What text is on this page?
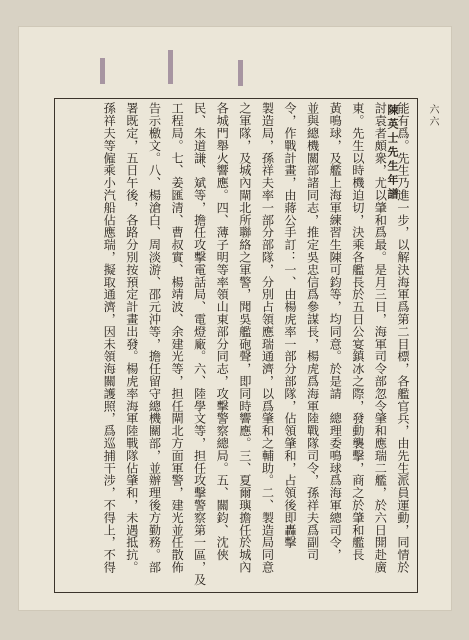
陳英士先生年譜	六六
能有爲。先生乃進一步，以解決海軍爲第二目標，各艦官兵，由先生派員運動，同情於
討袁者頗衆，尤以肇和爲最。是月三日，海軍司令部忽令肇和應瑞二艦，於六日開赴廣
東。先生以時機迫切，決乘各艦長於五日公宴鎮冰之際，發動襲擊，商之於肇和艦長
黃鳴球，及艦上海軍練習生陳可鈞等，均同意。於是請　總理委鳴球爲海軍總司令，
並與總機關部諸同志，推定吳忠信爲參謀長，楊虎爲海軍陸戰隊司令，孫祥夫爲副司
令，作戰計畫，由蔣公手訂：一、由楊虎率一部分部隊，佔領肇和，占領後即轟擊
製造局，孫祥夫率一部分部隊，分別占領應瑞通濟，以爲肇和之輔助。二、製造局同意
之軍隊，及城內閘北所聯絡之軍警，聞吳艦砲聲，即同時響應。三、夏爾璵擔任於城內
各城門舉火響應。四、薄子明等率領山東部分同志，攻擊警察總局。五、關鈞、沈俠
民、朱道謙、斌等，擔任攻擊電話局、電燈廠。六、陸學文等，担任攻擊警察第一區，及
工程局。七、姜匯清、曹叔實、楊靖波、余建光等，担任閘北方面軍警，建光並任散佈
告示檄文。八、楊滄白、周淡游、邵元沖等，擔任留守總機關部，並辦理後方勤務。部
署既定，五日午後，各路分別按預定計畫出發。楊虎率海軍陸戰隊佔肇和，未遇抵抗。
孫祥夫等僱乘小汽船佔應瑞，擬取通濟，因未領海關護照，爲巡捕干涉，不得上，不得
